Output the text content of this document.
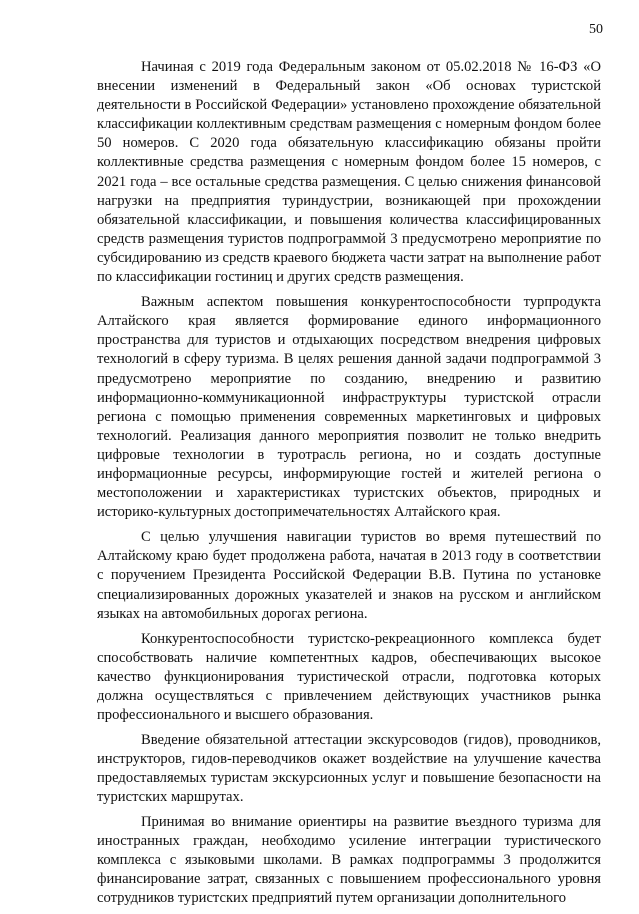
50

Начиная с 2019 года Федеральным законом от 05.02.2018 № 16-ФЗ «О внесении изменений в Федеральный закон «Об основах туристской деятельности в Российской Федерации» установлено прохождение обязательной классификации коллективным средствам размещения с номерным фондом более 50 номеров. С 2020 года обязательную классификацию обязаны пройти коллективные средства размещения с номерным фондом более 15 номеров, с 2021 года – все остальные средства размещения. С целью снижения финансовой нагрузки на предприятия туриндустрии, возникающей при прохождении обязательной классификации, и повышения количества классифицированных средств размещения туристов подпрограммой 3 предусмотрено мероприятие по субсидированию из средств краевого бюджета части затрат на выполнение работ по классификации гостиниц и других средств размещения.

Важным аспектом повышения конкурентоспособности турпродукта Алтайского края является формирование единого информационного пространства для туристов и отдыхающих посредством внедрения цифровых технологий в сферу туризма. В целях решения данной задачи подпрограммой 3 предусмотрено мероприятие по созданию, внедрению и развитию информационно-коммуникационной инфраструктуры туристской отрасли региона с помощью применения современных маркетинговых и цифровых технологий. Реализация данного мероприятия позволит не только внедрить цифровые технологии в туротрасль региона, но и создать доступные информационные ресурсы, информирующие гостей и жителей региона о местоположении и характеристиках туристских объектов, природных и историко-культурных достопримечательностях Алтайского края.

С целью улучшения навигации туристов во время путешествий по Алтайскому краю будет продолжена работа, начатая в 2013 году в соответствии с поручением Президента Российской Федерации В.В. Путина по установке специализированных дорожных указателей и знаков на русском и английском языках на автомобильных дорогах региона.

Конкурентоспособности туристско-рекреационного комплекса будет способствовать наличие компетентных кадров, обеспечивающих высокое качество функционирования туристической отрасли, подготовка которых должна осуществляться с привлечением действующих участников рынка профессионального и высшего образования.

Введение обязательной аттестации экскурсоводов (гидов), проводников, инструкторов, гидов-переводчиков окажет воздействие на улучшение качества предоставляемых туристам экскурсионных услуг и повышение безопасности на туристских маршрутах.

Принимая во внимание ориентиры на развитие въездного туризма для иностранных граждан, необходимо усиление интеграции туристического комплекса с языковыми школами. В рамках подпрограммы 3 продолжится финансирование затрат, связанных с повышением профессионального уровня сотрудников туристских предприятий путем организации дополнительного
